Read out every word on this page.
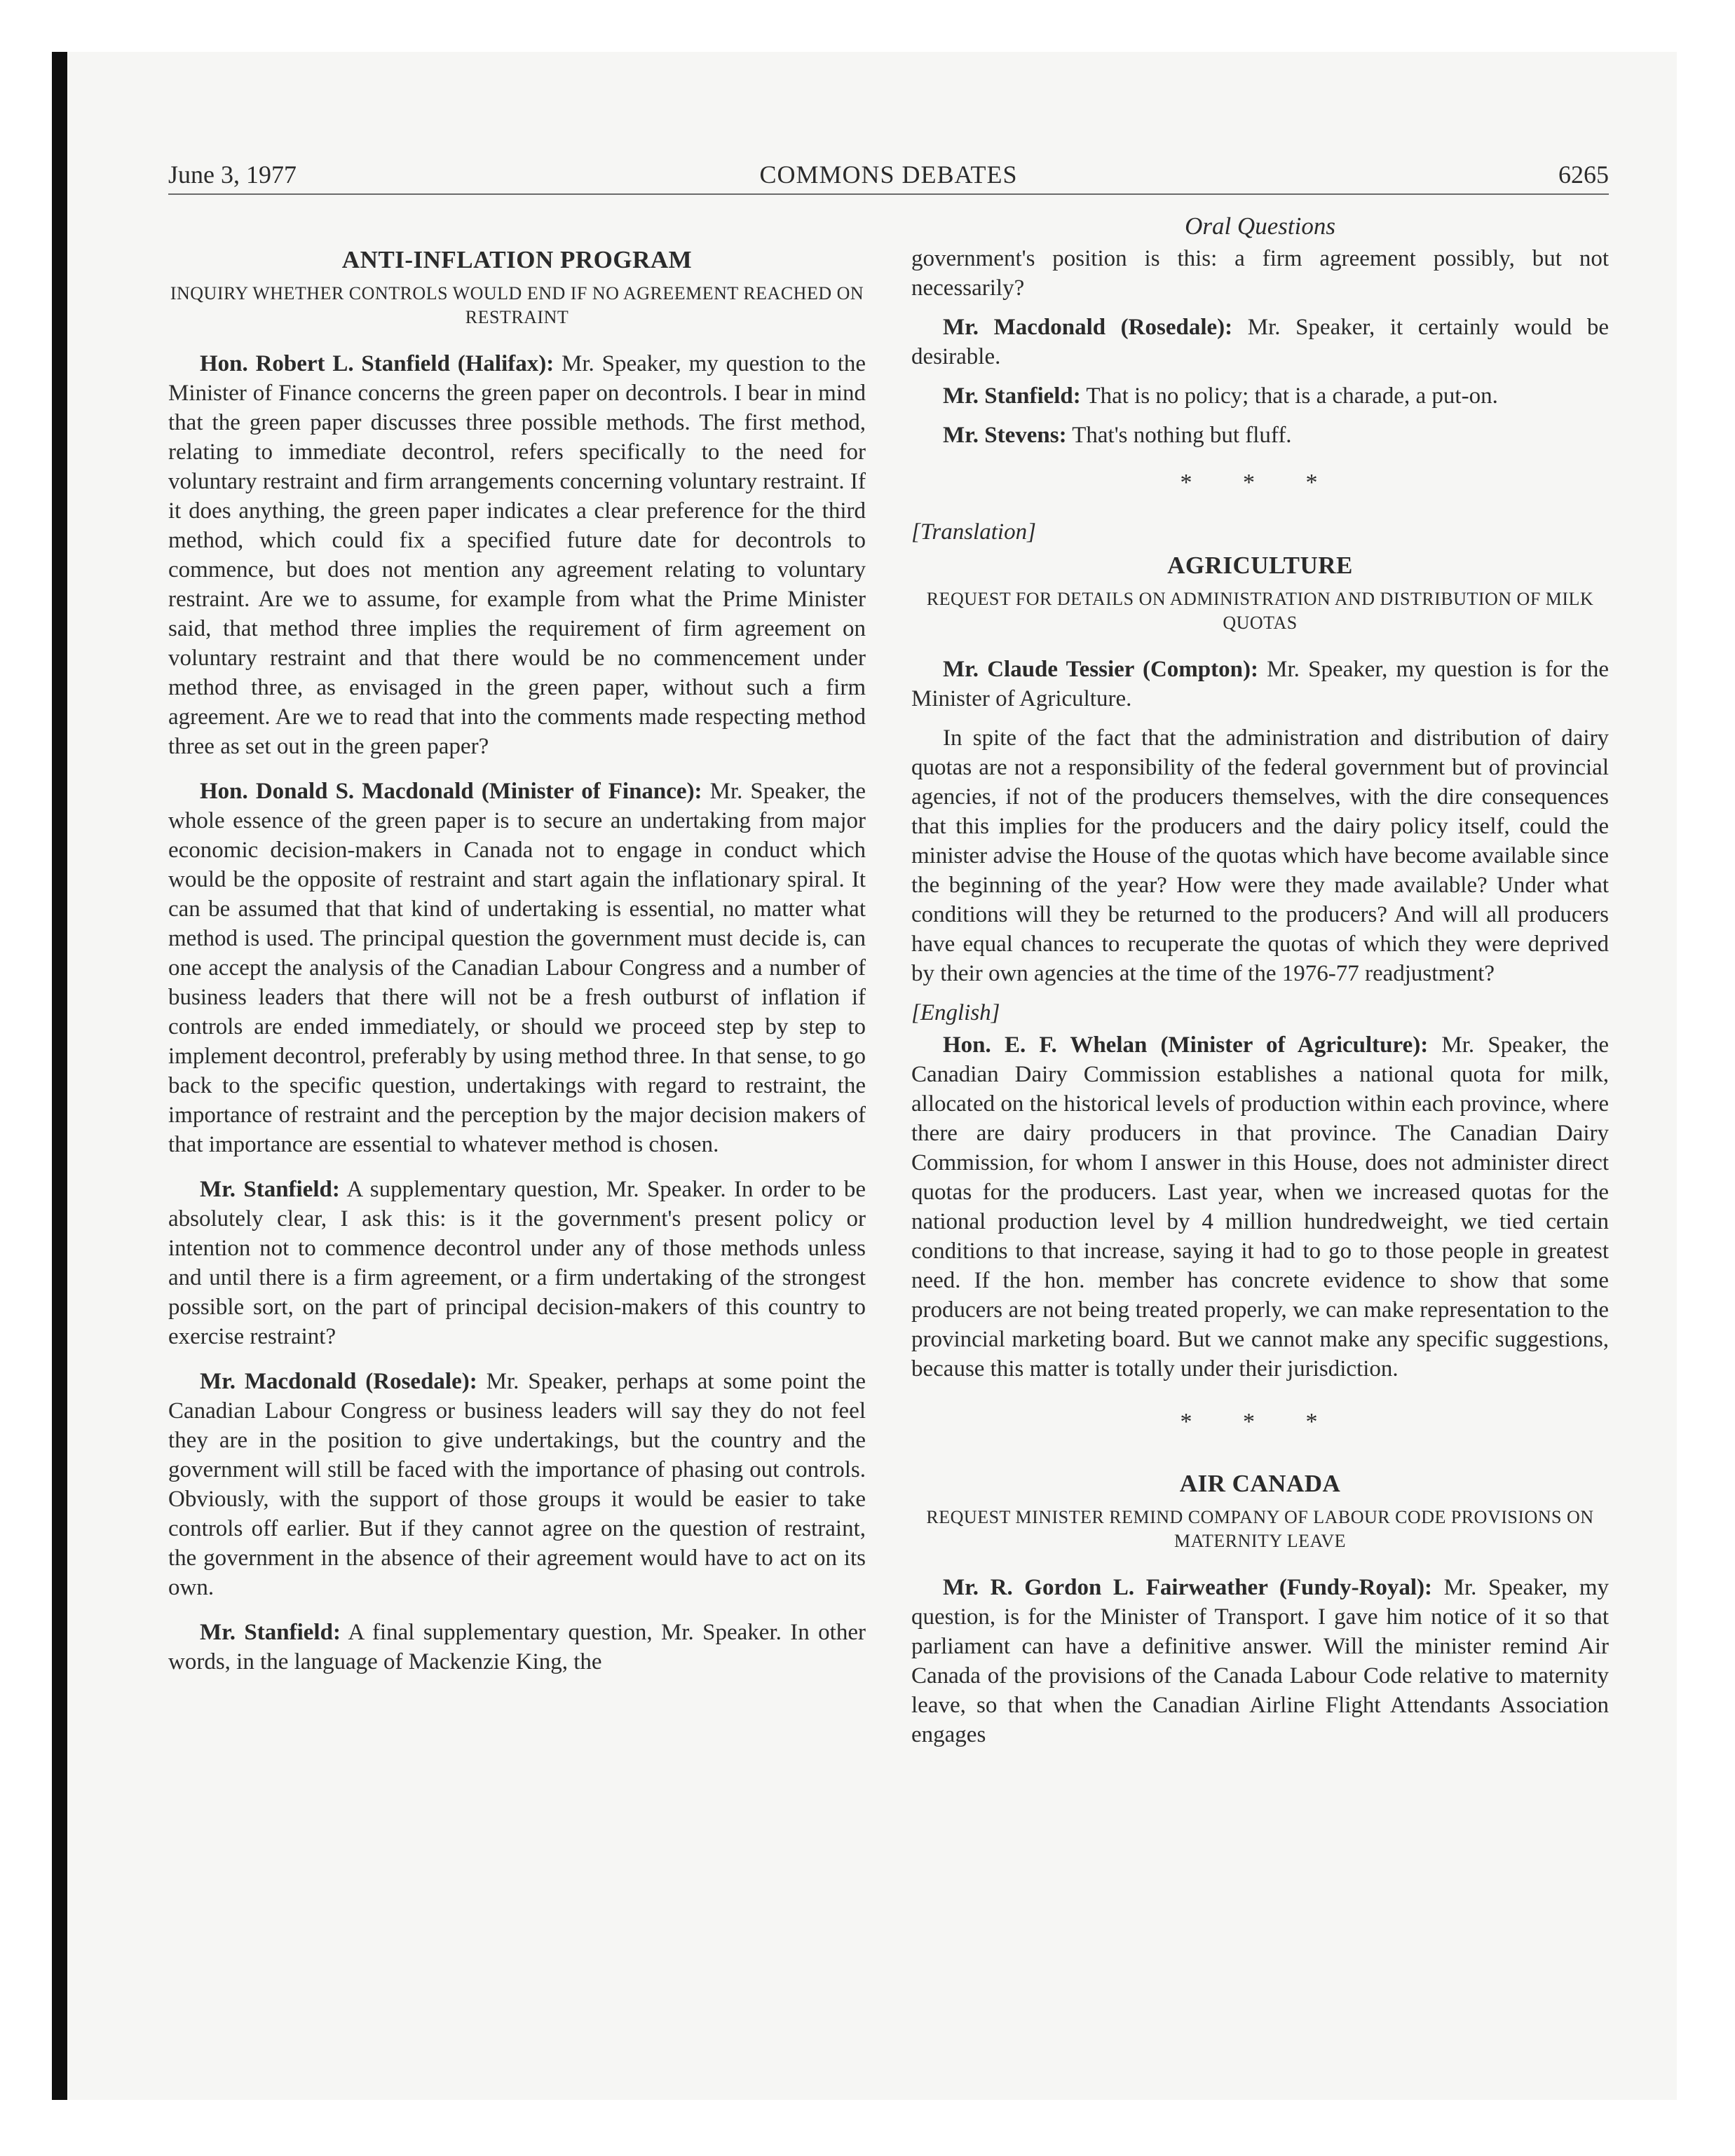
June 3, 1977	COMMONS DEBATES	6265
Oral Questions
ANTI-INFLATION PROGRAM
INQUIRY WHETHER CONTROLS WOULD END IF NO AGREEMENT REACHED ON RESTRAINT

Hon. Robert L. Stanfield (Halifax): Mr. Speaker, my question to the Minister of Finance concerns the green paper on decontrols. I bear in mind that the green paper discusses three possible methods. The first method, relating to immediate decontrol, refers specifically to the need for voluntary restraint and firm arrangements concerning voluntary restraint. If it does anything, the green paper indicates a clear preference for the third method, which could fix a specified future date for decontrols to commence, but does not mention any agreement relating to voluntary restraint. Are we to assume, for example from what the Prime Minister said, that method three implies the requirement of firm agreement on voluntary restraint and that there would be no commencement under method three, as envisaged in the green paper, without such a firm agreement. Are we to read that into the comments made respecting method three as set out in the green paper?

Hon. Donald S. Macdonald (Minister of Finance): Mr. Speaker, the whole essence of the green paper is to secure an undertaking from major economic decision-makers in Canada not to engage in conduct which would be the opposite of restraint and start again the inflationary spiral. It can be assumed that that kind of undertaking is essential, no matter what method is used. The principal question the government must decide is, can one accept the analysis of the Canadian Labour Congress and a number of business leaders that there will not be a fresh outburst of inflation if controls are ended immediately, or should we proceed step by step to implement decontrol, preferably by using method three. In that sense, to go back to the specific question, undertakings with regard to restraint, the importance of restraint and the perception by the major decision makers of that importance are essential to whatever method is chosen.

Mr. Stanfield: A supplementary question, Mr. Speaker. In order to be absolutely clear, I ask this: is it the government's present policy or intention not to commence decontrol under any of those methods unless and until there is a firm agreement, or a firm undertaking of the strongest possible sort, on the part of principal decision-makers of this country to exercise restraint?

Mr. Macdonald (Rosedale): Mr. Speaker, perhaps at some point the Canadian Labour Congress or business leaders will say they do not feel they are in the position to give undertakings, but the country and the government will still be faced with the importance of phasing out controls. Obviously, with the support of those groups it would be easier to take controls off earlier. But if they cannot agree on the question of restraint, the government in the absence of their agreement would have to act on its own.

Mr. Stanfield: A final supplementary question, Mr. Speaker. In other words, in the language of Mackenzie King, the

government's position is this: a firm agreement possibly, but not necessarily?

Mr. Macdonald (Rosedale): Mr. Speaker, it certainly would be desirable.

Mr. Stanfield: That is no policy; that is a charade, a put-on.

Mr. Stevens: That's nothing but fluff.

* * *

[Translation]

AGRICULTURE
REQUEST FOR DETAILS ON ADMINISTRATION AND DISTRIBUTION OF MILK QUOTAS

Mr. Claude Tessier (Compton): Mr. Speaker, my question is for the Minister of Agriculture.

In spite of the fact that the administration and distribution of dairy quotas are not a responsibility of the federal government but of provincial agencies, if not of the producers themselves, with the dire consequences that this implies for the producers and the dairy policy itself, could the minister advise the House of the quotas which have become available since the beginning of the year? How were they made available? Under what conditions will they be returned to the producers? And will all producers have equal chances to recuperate the quotas of which they were deprived by their own agencies at the time of the 1976-77 readjustment?

[English]

Hon. E. F. Whelan (Minister of Agriculture): Mr. Speaker, the Canadian Dairy Commission establishes a national quota for milk, allocated on the historical levels of production within each province, where there are dairy producers in that province. The Canadian Dairy Commission, for whom I answer in this House, does not administer direct quotas for the producers. Last year, when we increased quotas for the national production level by 4 million hundredweight, we tied certain conditions to that increase, saying it had to go to those people in greatest need. If the hon. member has concrete evidence to show that some producers are not being treated properly, we can make representation to the provincial marketing board. But we cannot make any specific suggestions, because this matter is totally under their jurisdiction.

* * *
AIR CANADA
REQUEST MINISTER REMIND COMPANY OF LABOUR CODE PROVISIONS ON MATERNITY LEAVE

Mr. R. Gordon L. Fairweather (Fundy-Royal): Mr. Speaker, my question, is for the Minister of Transport. I gave him notice of it so that parliament can have a definitive answer. Will the minister remind Air Canada of the provisions of the Canada Labour Code relative to maternity leave, so that when the Canadian Airline Flight Attendants Association engages
